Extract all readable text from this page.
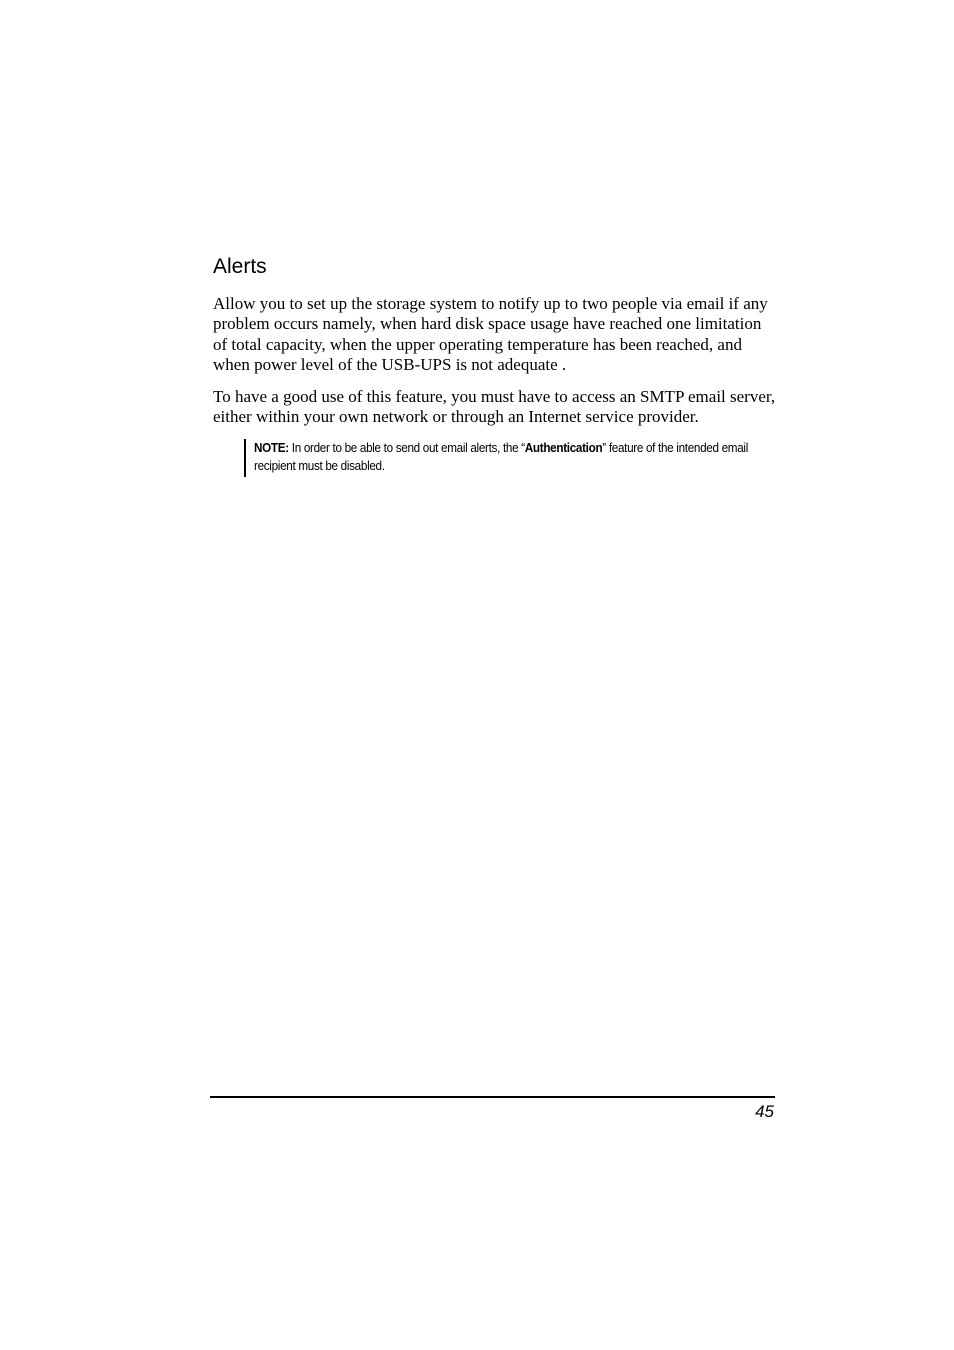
Alerts

Allow you to set up the storage system to notify up to two people via email if any problem occurs namely, when hard disk space usage have reached one limitation of total capacity, when the upper operating temperature has been reached, and when power level of the USB-UPS is not adequate .

To have a good use of this feature, you must have to access an SMTP email server, either within your own network or through an Internet service provider.

NOTE: In order to be able to send out email alerts, the “Authentication” feature of the intended email recipient must be disabled.

45
